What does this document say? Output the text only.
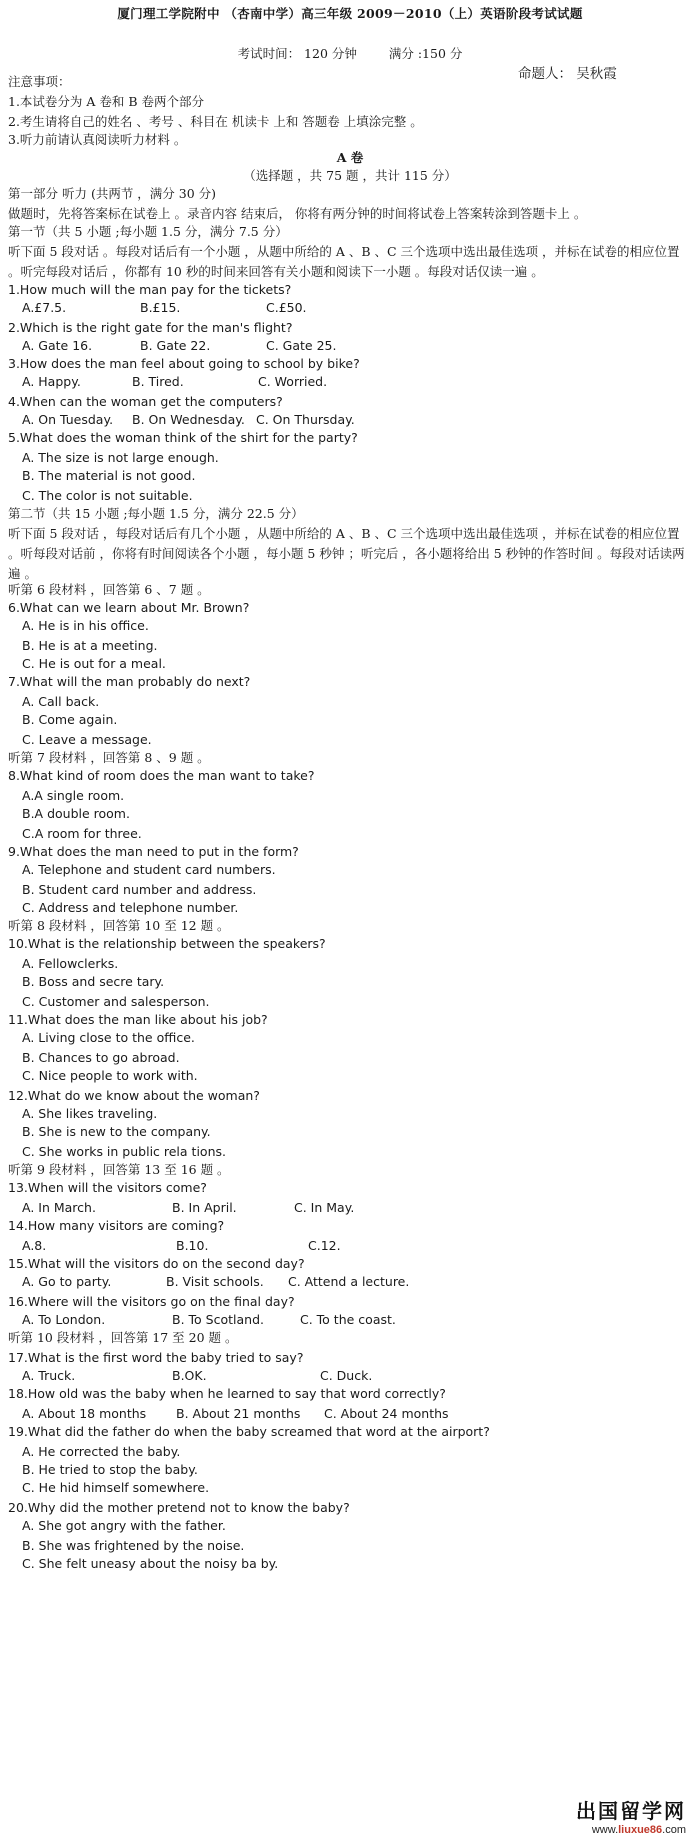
厦门理工学院附中 （杏南中学）高三年级 2009－2010（上）英语阶段考试试题
考试时间： 120 分钟	满分 :150 分
命题人： 吴秋霞
注意事项：
1.本试卷分为 A 卷和 B 卷两个部分
2.考生请将自己的姓名 、考号 、科目在 机读卡 上和 答题卷 上填涂完整 。
3.听力前请认真阅读听力材料 。
A 卷
（选择题 ，共 75 题 ，共计 115 分）
第一部分 听力 (共两节 ，满分 30 分)
做题时，先将答案标在试卷上 。录音内容 结束后， 你将有两分钟的时间将试卷上答案转涂到答题卡上 。
第一节（共 5 小题 ;每小题 1.5 分，满分 7.5 分）
听下面 5 段对话 。每段对话后有一个小题 ，从题中所给的 A 、B 、C 三个选项中选出最佳选项 ，并标在试卷的相应位置 。听完每段对话后 ，你都有 10 秒的时间来回答有关小题和阅读下一小题 。每段对话仅读一遍 。
1.How much will the man pay for the tickets?
A.£7.5.	B.£15.	C.£50.
2.Which is the right gate for the man's flight?
A. Gate 16.	B. Gate 22.	C. Gate 25.
3.How does the man feel about going to school by bike?
A. Happy.	B. Tired.	C. Worried.
4.When can the woman get the computers?
A. On Tuesday. B. On Wednesday. C. On Thursday.
5.What does the woman think of the shirt for the party?
A. The size is not large enough.
B. The material is not good.
C. The color is not suitable.
第二节（共 15 小题 ;每小题 1.5 分，满分 22.5 分）
听下面 5 段对话 ，每段对话后有几个小题 ，从题中所给的 A 、B 、C 三个选项中选出最佳选项 ，并标在试卷的相应位置 。听每段对话前 ，你将有时间阅读各个小题 ，每小题 5 秒钟 ；听完后 ，各小题将给出 5 秒钟的作答时间 。每段对话读两遍 。
听第 6 段材料 ，回答第 6 、7 题 。
6.What can we learn about Mr. Brown?
A. He is in his office.
B. He is at a meeting.
C. He is out for a meal.
7.What will the man probably do next?
A. Call back.
B. Come again.
C. Leave a message.
听第 7 段材料 ，回答第 8 、9 题 。
8.What kind of room does the man want to take?
A.A single room.
B.A double room.
C.A room for three.
9.What does the man need to put in the form?
A. Telephone and student card numbers.
B. Student card number and address.
C. Address and telephone number.
听第 8 段材料 ，回答第 10 至 12 题 。
10.What is the relationship between the speakers?
A. Fellowclerks.
B. Boss and secre tary.
C. Customer and salesperson.
11.What does the man like about his job?
A. Living close to the office.
B. Chances to go abroad.
C. Nice people to work with.
12.What do we know about the woman?
A. She likes traveling.
B. She is new to the company.
C. She works in public rela tions.
听第 9 段材料 ，回答第 13 至 16 题 。
13.When will the visitors come?
A. In March.	B. In April.	C. In May.
14.How many visitors are coming?
A.8.	B.10.	C.12.
15.What will the visitors do on the second day?
A. Go to party.	B. Visit schools. C. Attend a lecture.
16.Where will the visitors go on the final day?
A. To London.	B. To Scotland.	C. To the coast.
听第 10 段材料 ，回答第 17 至 20 题 。
17.What is the first word the baby tried to say?
A. Truck.	B.OK.	C. Duck.
18.How old was the baby when he learned to say that word correctly?
A. About 18 months B. About 21 months C. About 24 months
19.What did the father do when the baby screamed that word at the airport?
A. He corrected the baby.
B. He tried to stop the baby.
C. He hid himself somewhere.
20.Why did the mother pretend not to know the baby?
A. She got angry with the father.
B. She was frightened by the noise.
C. She felt uneasy about the noisy ba by.
出国留学网
www.liuxue86.com
